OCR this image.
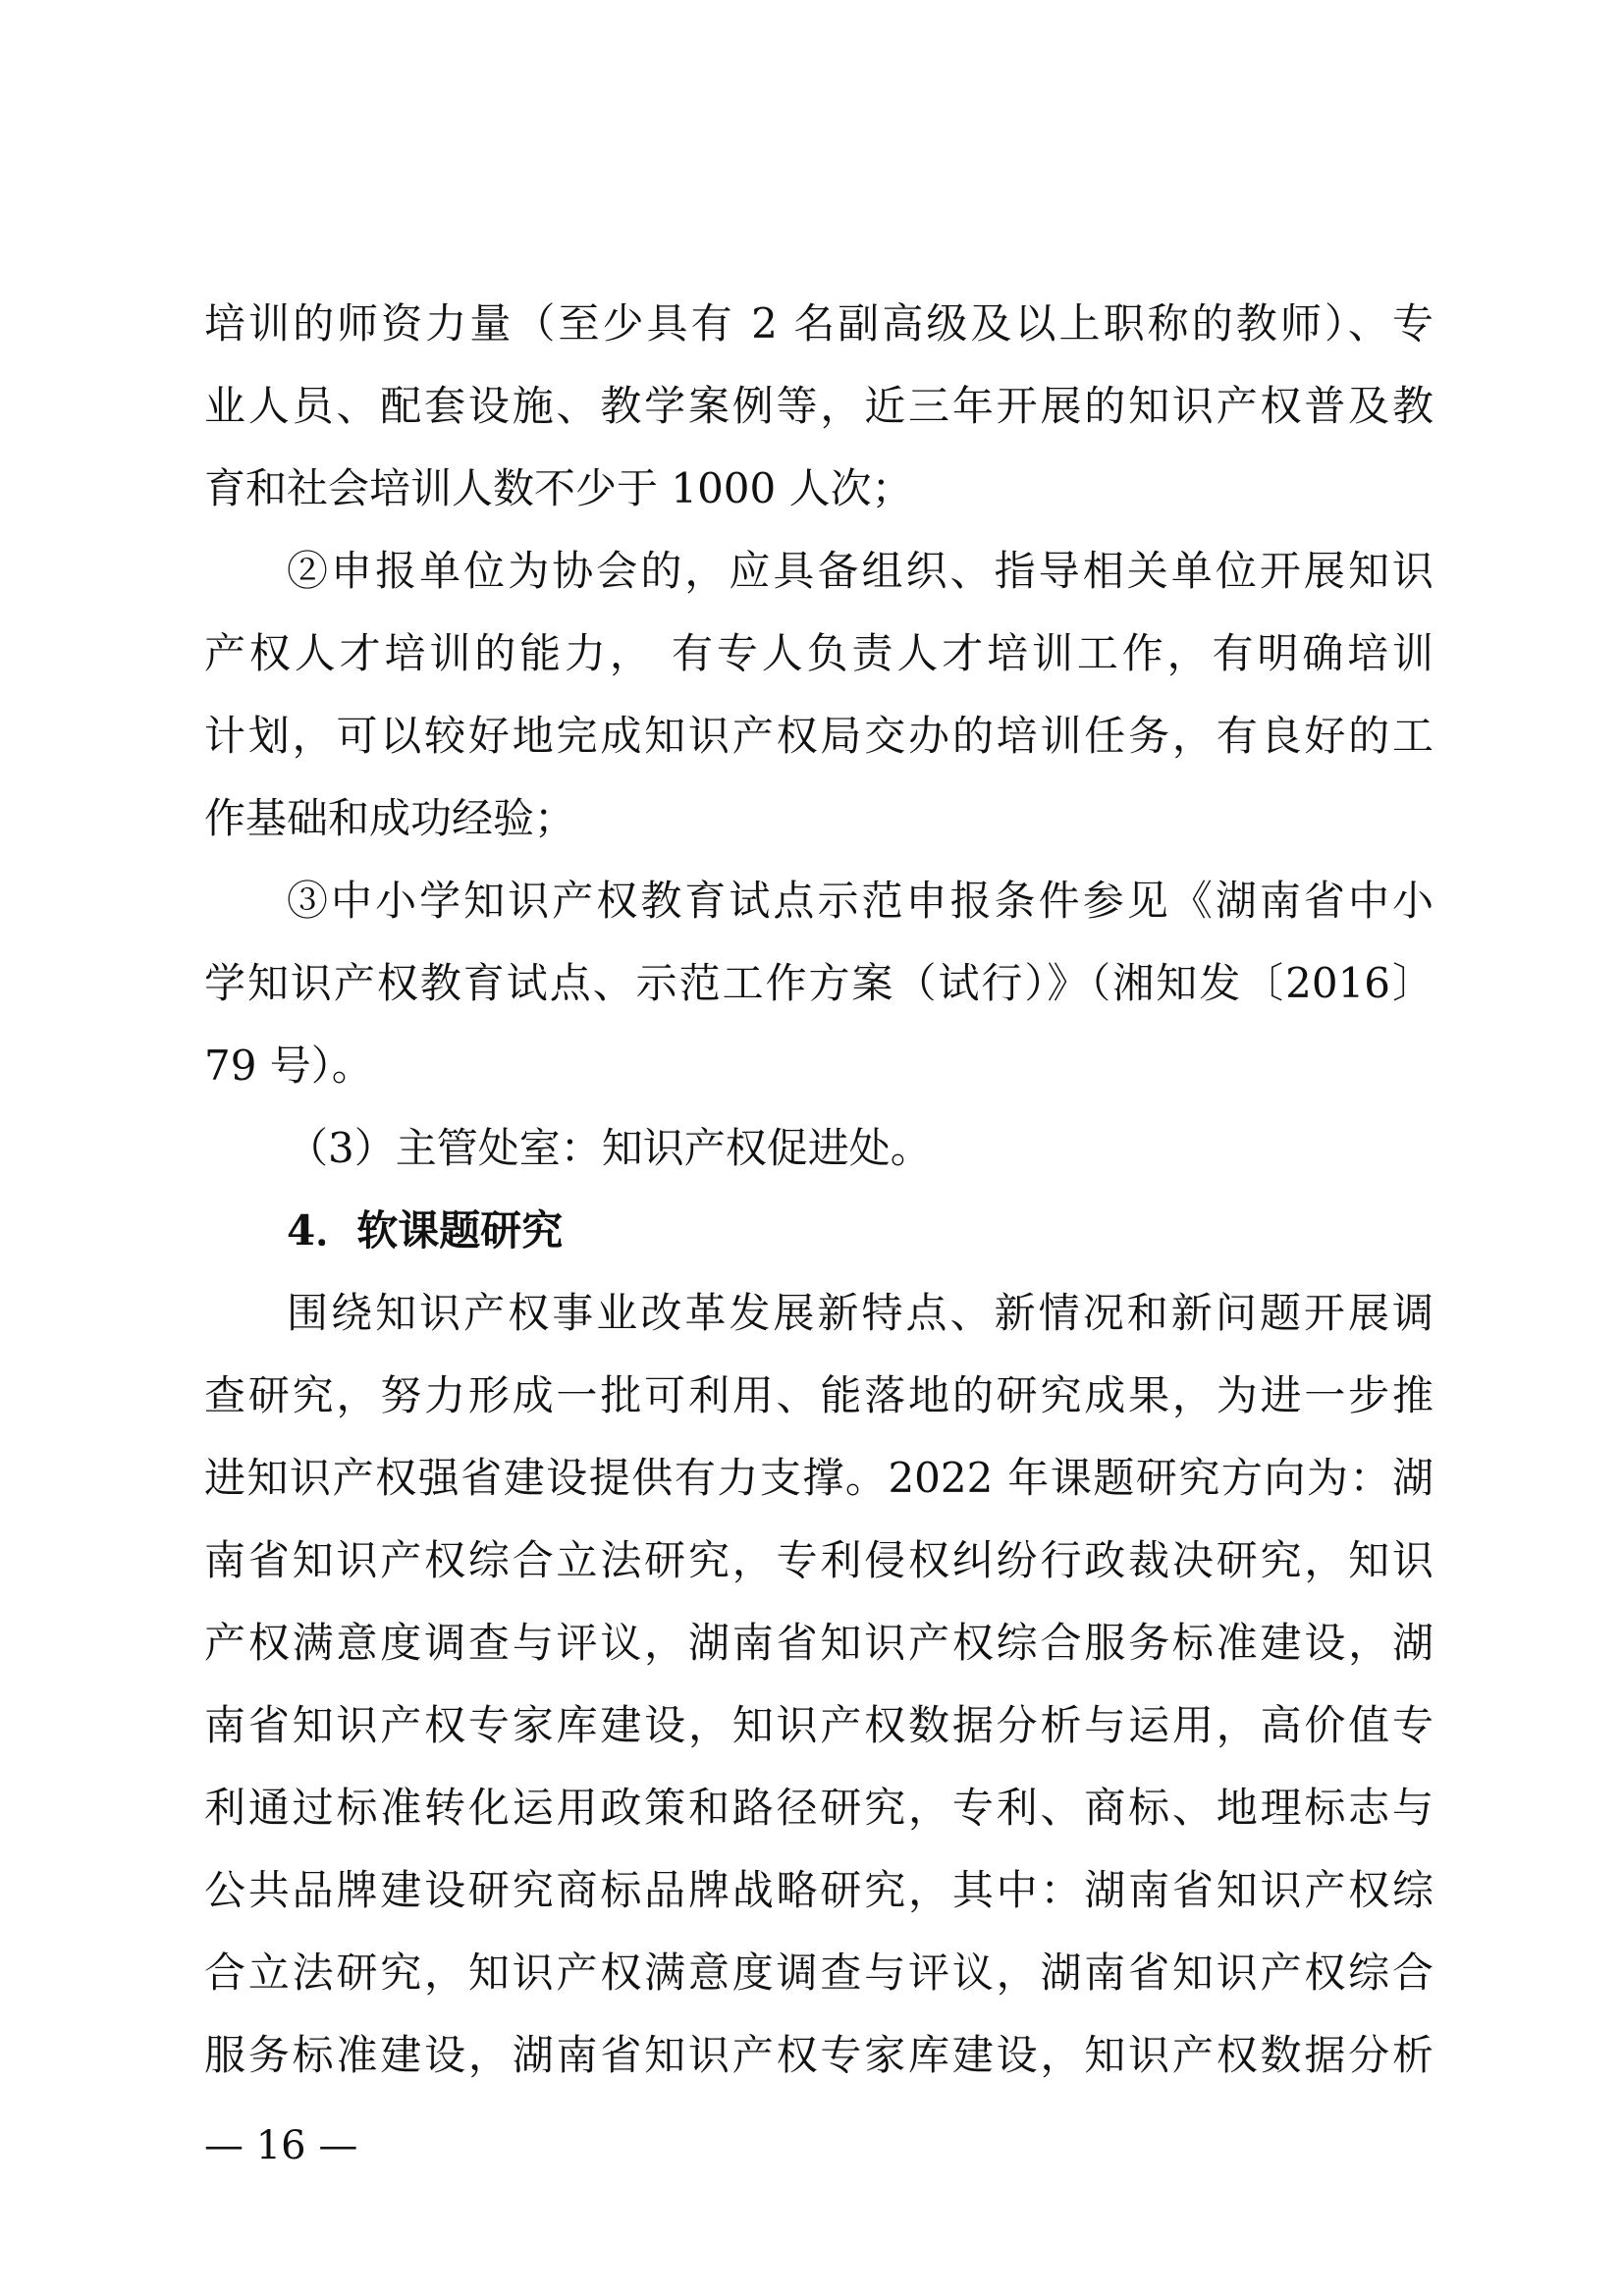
培训的师资力量（至少具有 2 名副高级及以上职称的教师）、专
业人员、配套设施、教学案例等，近三年开展的知识产权普及教
育和社会培训人数不少于 1000 人次；
②申报单位为协会的，应具备组织、指导相关单位开展知识
产权人才培训的能力， 有专人负责人才培训工作，有明确培训
计划，可以较好地完成知识产权局交办的培训任务，有良好的工
作基础和成功经验；
③中小学知识产权教育试点示范申报条件参见《湖南省中小
学知识产权教育试点、示范工作方案（试行）》（湘知发〔2016〕
79 号）。
（3）主管处室：知识产权促进处。
4．软课题研究
围绕知识产权事业改革发展新特点、新情况和新问题开展调
查研究，努力形成一批可利用、能落地的研究成果，为进一步推
进知识产权强省建设提供有力支撑。2022 年课题研究方向为：湖
南省知识产权综合立法研究，专利侵权纠纷行政裁决研究，知识
产权满意度调查与评议，湖南省知识产权综合服务标准建设，湖
南省知识产权专家库建设，知识产权数据分析与运用，高价值专
利通过标准转化运用政策和路径研究，专利、商标、地理标志与
公共品牌建设研究商标品牌战略研究，其中：湖南省知识产权综
合立法研究，知识产权满意度调查与评议，湖南省知识产权综合
服务标准建设，湖南省知识产权专家库建设，知识产权数据分析
— 16 —
